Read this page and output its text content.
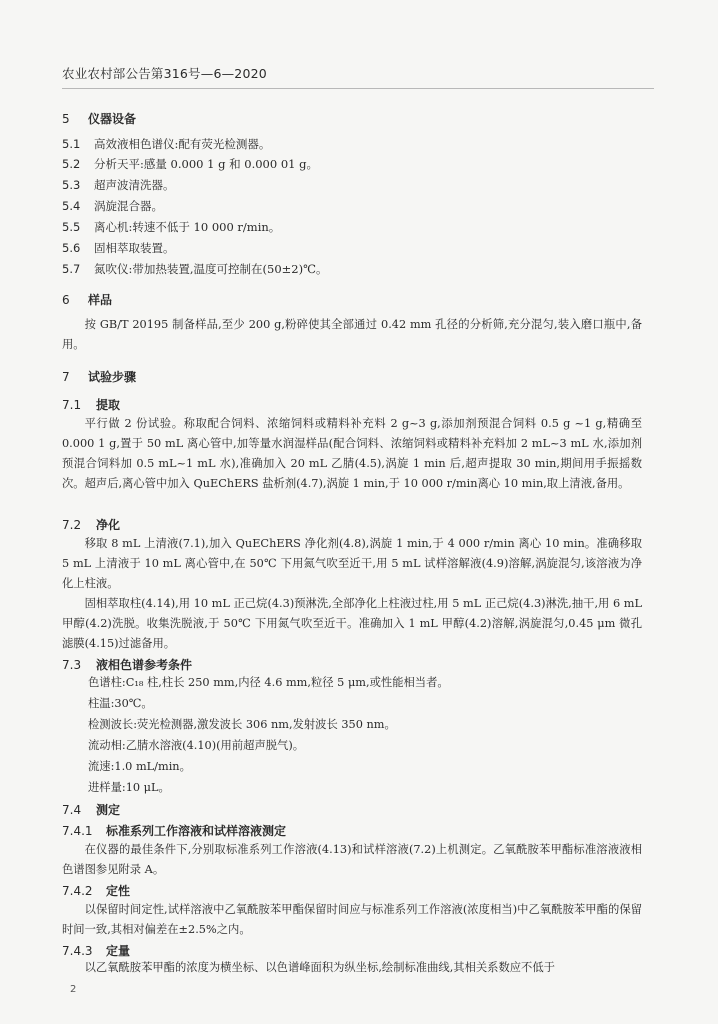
农业农村部公告第316号—6—2020
5 仪器设备
5.1 高效液相色谱仪:配有荧光检测器。
5.2 分析天平:感量 0.000 1 g 和 0.000 01 g。
5.3 超声波清洗器。
5.4 涡旋混合器。
5.5 离心机:转速不低于 10 000 r/min。
5.6 固相萃取装置。
5.7 氮吹仪:带加热装置,温度可控制在(50±2)℃。
6 样品
按 GB/T 20195 制备样品,至少 200 g,粉碎使其全部通过 0.42 mm 孔径的分析筛,充分混匀,装入磨口瓶中,备用。
7 试验步骤
7.1 提取
平行做 2 份试验。称取配合饲料、浓缩饲料或精料补充料 2 g~3 g,添加剂预混合饲料 0.5 g ~1 g,精确至 0.000 1 g,置于 50 mL 离心管中,加等量水润湿样品(配合饲料、浓缩饲料或精料补充料加 2 mL~3 mL 水,添加剂预混合饲料加 0.5 mL~1 mL 水),准确加入 20 mL 乙腈(4.5),涡旋 1 min 后,超声提取 30 min,期间用手振摇数次。超声后,离心管中加入 QuEChERS 盐析剂(4.7),涡旋 1 min,于 10 000 r/min离心 10 min,取上清液,备用。
7.2 净化
移取 8 mL 上清液(7.1),加入 QuEChERS 净化剂(4.8),涡旋 1 min,于 4 000 r/min 离心 10 min。准确移取 5 mL 上清液于 10 mL 离心管中,在 50℃ 下用氮气吹至近干,用 5 mL 试样溶解液(4.9)溶解,涡旋混匀,该溶液为净化上柱液。
固相萃取柱(4.14),用 10 mL 正己烷(4.3)预淋洗,全部净化上柱液过柱,用 5 mL 正己烷(4.3)淋洗,抽干,用 6 mL 甲醇(4.2)洗脱。收集洗脱液,于 50℃ 下用氮气吹至近干。准确加入 1 mL 甲醇(4.2)溶解,涡旋混匀,0.45 μm 微孔滤膜(4.15)过滤备用。
7.3 液相色谱参考条件
色谱柱:C₁₈ 柱,柱长 250 mm,内径 4.6 mm,粒径 5 μm,或性能相当者。
柱温:30℃。
检测波长:荧光检测器,激发波长 306 nm,发射波长 350 nm。
流动相:乙腈水溶液(4.10)(用前超声脱气)。
流速:1.0 mL/min。
进样量:10 μL。
7.4 测定
7.4.1 标准系列工作溶液和试样溶液测定
在仪器的最佳条件下,分别取标准系列工作溶液(4.13)和试样溶液(7.2)上机测定。乙氧酰胺苯甲酯标准溶液液相色谱图参见附录 A。
7.4.2 定性
以保留时间定性,试样溶液中乙氧酰胺苯甲酯保留时间应与标准系列工作溶液(浓度相当)中乙氧酰胺苯甲酯的保留时间一致,其相对偏差在±2.5%之内。
7.4.3 定量
以乙氧酰胺苯甲酯的浓度为横坐标、以色谱峰面积为纵坐标,绘制标准曲线,其相关系数应不低于
2
